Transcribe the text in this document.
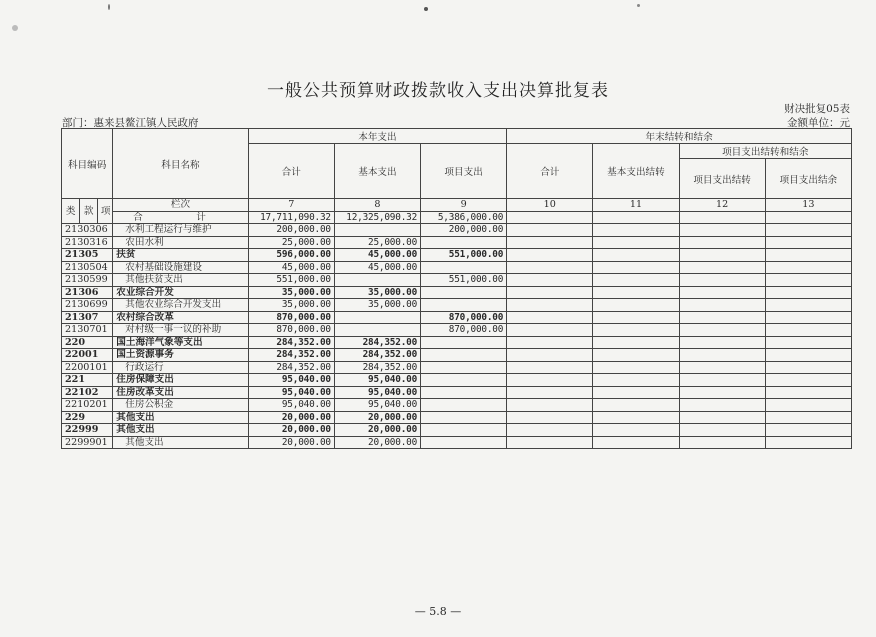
一般公共预算财政拨款收入支出决算批复表
部门：惠来县鳌江镇人民政府
财决批复05表
金额单位：元
科目编码			科目名称	本年支出			年末结转和结余			
				合计	基本支出	项目支出	合计	基本支出结转	项目支出结转和结余	
									项目支出结转	项目支出结余
类	款	项	栏次	7	8	9	10	11	12	13
			合　计	17,711,090.32	12,325,090.32	5,386,000.00				
2130306			水利工程运行与维护	200,000.00		200,000.00				
2130316			农田水利	25,000.00	25,000.00					
21305			扶贫	596,000.00	45,000.00	551,000.00				
2130504			农村基础设施建设	45,000.00	45,000.00					
2130599			其他扶贫支出	551,000.00		551,000.00				
21306			农业综合开发	35,000.00	35,000.00					
2130699			其他农业综合开发支出	35,000.00	35,000.00					
21307			农村综合改革	870,000.00		870,000.00				
2130701			对村级一事一议的补助	870,000.00		870,000.00				
220			国土海洋气象等支出	284,352.00	284,352.00					
22001			国土资源事务	284,352.00	284,352.00					
2200101			行政运行	284,352.00	284,352.00					
221			住房保障支出	95,040.00	95,040.00					
22102			住房改革支出	95,040.00	95,040.00					
2210201			住房公积金	95,040.00	95,040.00					
229			其他支出	20,000.00	20,000.00					
22999			其他支出	20,000.00	20,000.00					
2299901			其他支出	20,000.00	20,000.00					
— 5.8 —
